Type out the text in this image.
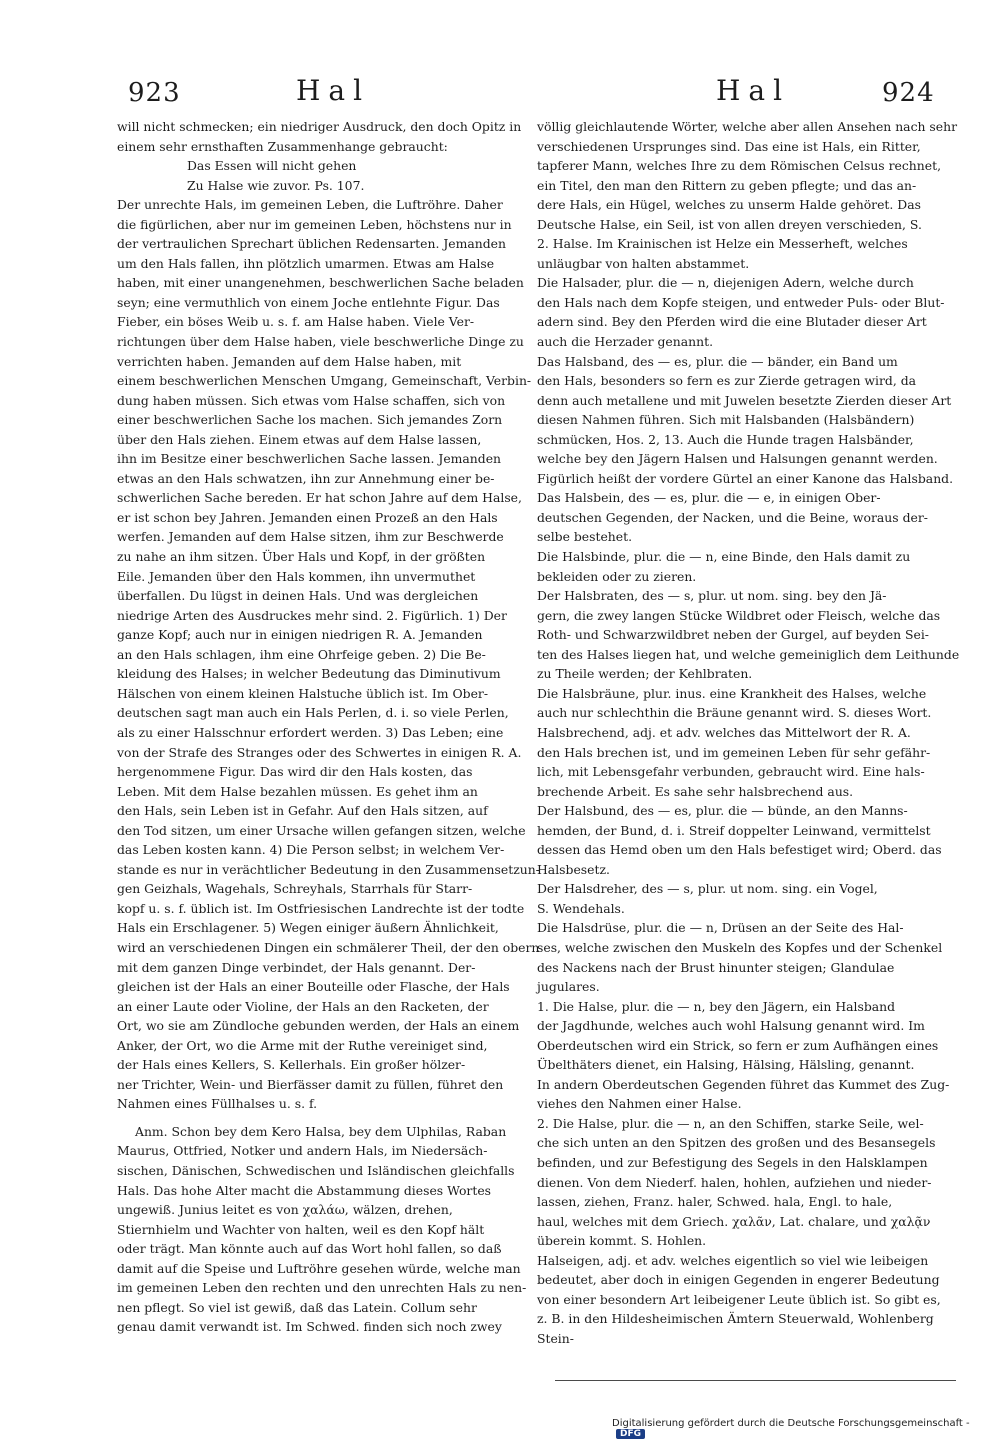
923	Hal	Hal	924
will nicht schmecken; ein niedriger Ausdruck, den doch Opitz in
einem sehr ernsthaften Zusammenhange gebraucht:
Das Essen will nicht gehen
Zu Halse wie zuvor. Ps. 107.
Der unrechte Hals, im gemeinen Leben, die Luftröhre. Daher
die figürlichen, aber nur im gemeinen Leben, höchstens nur in
der vertraulichen Sprechart üblichen Redensarten. Jemanden
um den Hals fallen, ihn plötzlich umarmen. Etwas am Halse
haben, mit einer unangenehmen, beschwerlichen Sache beladen
seyn; eine vermuthlich von einem Joche entlehnte Figur. Das
Fieber, ein böses Weib u. s. f. am Halse haben. Viele Ver-
richtungen über dem Halse haben, viele beschwerliche Dinge zu
verrichten haben. Jemanden auf dem Halse haben, mit
einem beschwerlichen Menschen Umgang, Gemeinschaft, Verbin-
dung haben müssen. Sich etwas vom Halse schaffen, sich von
einer beschwerlichen Sache los machen. Sich jemandes Zorn
über den Hals ziehen. Einem etwas auf dem Halse lassen,
ihn im Besitze einer beschwerlichen Sache lassen. Jemanden
etwas an den Hals schwatzen, ihn zur Annehmung einer be-
schwerlichen Sache bereden. Er hat schon Jahre auf dem Halse,
er ist schon bey Jahren. Jemanden einen Prozeß an den Hals
werfen. Jemanden auf dem Halse sitzen, ihm zur Beschwerde
zu nahe an ihm sitzen. Über Hals und Kopf, in der größten
Eile. Jemanden über den Hals kommen, ihn unvermuthet
überfallen. Du lügst in deinen Hals. Und was dergleichen
niedrige Arten des Ausdruckes mehr sind. 2. Figürlich. 1) Der
ganze Kopf; auch nur in einigen niedrigen R. A. Jemanden
an den Hals schlagen, ihm eine Ohrfeige geben. 2) Die Be-
kleidung des Halses; in welcher Bedeutung das Diminutivum
Hälschen von einem kleinen Halstuche üblich ist. Im Ober-
deutschen sagt man auch ein Hals Perlen, d. i. so viele Perlen,
als zu einer Halsschnur erfordert werden. 3) Das Leben; eine
von der Strafe des Stranges oder des Schwertes in einigen R. A.
hergenommene Figur. Das wird dir den Hals kosten, das
Leben. Mit dem Halse bezahlen müssen. Es gehet ihm an
den Hals, sein Leben ist in Gefahr. Auf den Hals sitzen, auf
den Tod sitzen, um einer Ursache willen gefangen sitzen, welche
das Leben kosten kann. 4) Die Person selbst; in welchem Ver-
stande es nur in verächtlicher Bedeutung in den Zusammensetzun-
gen Geizhals, Wagehals, Schreyhals, Starrhals für Starr-
kopf u. s. f. üblich ist. Im Ostfriesischen Landrechte ist der todte
Hals ein Erschlagener. 5) Wegen einiger äußern Ähnlichkeit,
wird an verschiedenen Dingen ein schmälerer Theil, der den obern
mit dem ganzen Dinge verbindet, der Hals genannt. Der-
gleichen ist der Hals an einer Bouteille oder Flasche, der Hals
an einer Laute oder Violine, der Hals an den Racketen, der
Ort, wo sie am Zündloche gebunden werden, der Hals an einem
Anker, der Ort, wo die Arme mit der Ruthe vereiniget sind,
der Hals eines Kellers, S. Kellerhals. Ein großer hölzer-
ner Trichter, Wein- und Bierfässer damit zu füllen, führet den
Nahmen eines Füllhalses u. s. f.
Anm. Schon bey dem Kero Halsa, bey dem Ulphilas, Raban
Maurus, Ottfried, Notker und andern Hals, im Niedersäch-
sischen, Dänischen, Schwedischen und Isländischen gleichfalls
Hals. Das hohe Alter macht die Abstammung dieses Wortes
ungewiß. Junius leitet es von χαλάω, wälzen, drehen,
Stiernhielm und Wachter von halten, weil es den Kopf hält
oder trägt. Man könnte auch auf das Wort hohl fallen, so daß
damit auf die Speise und Luftröhre gesehen würde, welche man
im gemeinen Leben den rechten und den unrechten Hals zu nen-
nen pflegt. So viel ist gewiß, daß das Latein. Collum sehr
genau damit verwandt ist. Im Schwed. finden sich noch zwey
völlig gleichlautende Wörter, welche aber allen Ansehen nach sehr
verschiedenen Ursprunges sind. Das eine ist Hals, ein Ritter,
tapferer Mann, welches Ihre zu dem Römischen Celsus rechnet,
ein Titel, den man den Rittern zu geben pflegte; und das an-
dere Hals, ein Hügel, welches zu unserm Halde gehöret. Das
Deutsche Halse, ein Seil, ist von allen dreyen verschieden, S.
2. Halse. Im Krainischen ist Helze ein Messerheft, welches
unläugbar von halten abstammet.
Die Halsader, plur. die — n, diejenigen Adern, welche durch
den Hals nach dem Kopfe steigen, und entweder Puls- oder Blut-
adern sind. Bey den Pferden wird die eine Blutader dieser Art
auch die Herzader genannt.
Das Halsband, des — es, plur. die — bänder, ein Band um
den Hals, besonders so fern es zur Zierde getragen wird, da
denn auch metallene und mit Juwelen besetzte Zierden dieser Art
diesen Nahmen führen. Sich mit Halsbanden (Halsbändern)
schmücken, Hos. 2, 13. Auch die Hunde tragen Halsbänder,
welche bey den Jägern Halsen und Halsungen genannt werden.
Figürlich heißt der vordere Gürtel an einer Kanone das Halsband.
Das Halsbein, des — es, plur. die — e, in einigen Ober-
deutschen Gegenden, der Nacken, und die Beine, woraus der-
selbe bestehet.
Die Halsbinde, plur. die — n, eine Binde, den Hals damit zu
bekleiden oder zu zieren.
Der Halsbraten, des — s, plur. ut nom. sing. bey den Jä-
gern, die zwey langen Stücke Wildbret oder Fleisch, welche das
Roth- und Schwarzwildbret neben der Gurgel, auf beyden Sei-
ten des Halses liegen hat, und welche gemeiniglich dem Leithunde
zu Theile werden; der Kehlbraten.
Die Halsbräune, plur. inus. eine Krankheit des Halses, welche
auch nur schlechthin die Bräune genannt wird. S. dieses Wort.
Halsbrechend, adj. et adv. welches das Mittelwort der R. A.
den Hals brechen ist, und im gemeinen Leben für sehr gefähr-
lich, mit Lebensgefahr verbunden, gebraucht wird. Eine hals-
brechende Arbeit. Es sahe sehr halsbrechend aus.
Der Halsbund, des — es, plur. die — bünde, an den Manns-
hemden, der Bund, d. i. Streif doppelter Leinwand, vermittelst
dessen das Hemd oben um den Hals befestiget wird; Oberd. das
Halsbesetz.
Der Halsdreher, des — s, plur. ut nom. sing. ein Vogel,
S. Wendehals.
Die Halsdrüse, plur. die — n, Drüsen an der Seite des Hal-
ses, welche zwischen den Muskeln des Kopfes und der Schenkel
des Nackens nach der Brust hinunter steigen; Glandulae
jugulares.
1. Die Halse, plur. die — n, bey den Jägern, ein Halsband
der Jagdhunde, welches auch wohl Halsung genannt wird. Im
Oberdeutschen wird ein Strick, so fern er zum Aufhängen eines
Übelthäters dienet, ein Halsing, Hälsing, Hälsling, genannt.
In andern Oberdeutschen Gegenden führet das Kummet des Zug-
viehes den Nahmen einer Halse.
2. Die Halse, plur. die — n, an den Schiffen, starke Seile, wel-
che sich unten an den Spitzen des großen und des Besansegels
befinden, und zur Befestigung des Segels in den Halsklampen
dienen. Von dem Niederf. halen, hohlen, aufziehen und nieder-
lassen, ziehen, Franz. haler, Schwed. hala, Engl. to hale,
haul, welches mit dem Griech. χαλᾶν, Lat. chalare, und χαλᾷν
überein kommt. S. Hohlen.
Halseigen, adj. et adv. welches eigentlich so viel wie leibeigen
bedeutet, aber doch in einigen Gegenden in engerer Bedeutung
von einer besondern Art leibeigener Leute üblich ist. So gibt es,
z. B. in den Hildesheimischen Ämtern Steuerwald, Wohlenberg
Stein-
Digitalisierung gefördert durch die Deutsche Forschungsgemeinschaft - DFG
